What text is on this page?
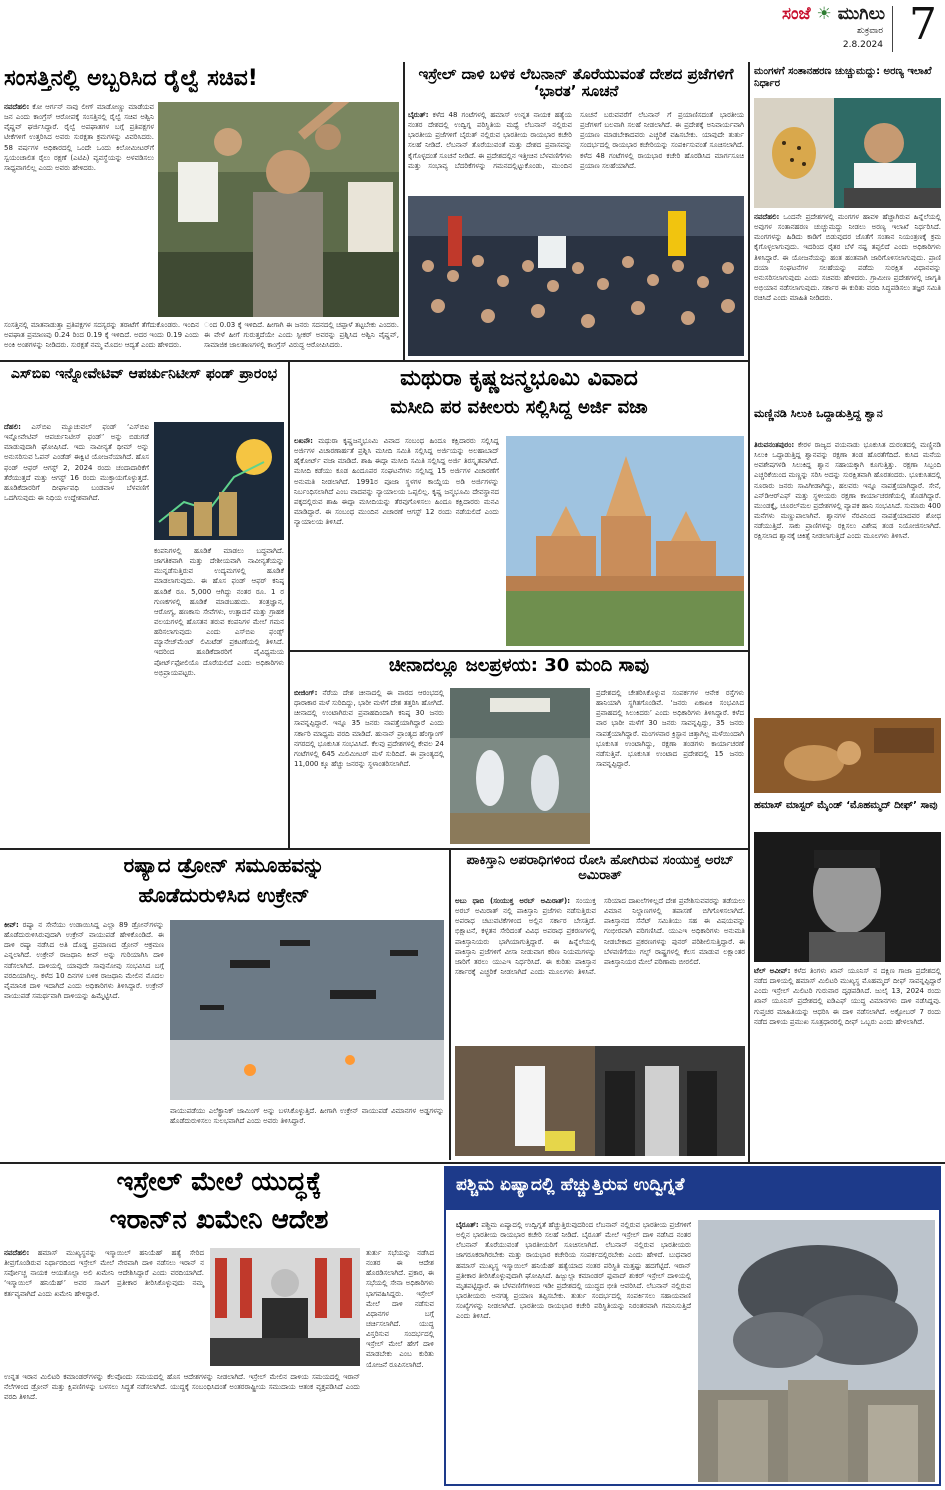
ಸಂಜೆ ☀ ಮುಗಿಲು
ಶುಕ್ರವಾರ
2.8.2024 7
ಸಂಸತ್ತಿನಲ್ಲಿ ಅಬ್ಬರಿಸಿದ ರೈಲ್ವೆ ಸಚಿವ!
ನವದೆಹಲಿ: ಕೋ ಆರ್ಗನ್ ನಾವು ಲೀಗ್ ಮಾಡೋಣ್ಣು ಮಾಡೆಯವ ಜನ ಎಂದು ಕಾಂಗ್ರೆಸ್ ಆರೋಪಕ್ಕೆ ಸಂಸತ್ತಿನಲ್ಲಿ ರೈಲ್ವೆ ಸಚಿವ ಅಶ್ವಿನಿ ವೈಷ್ಣವ್ ಘರ್ಜಿಸಿದ್ದಾರೆ. ರೈಲ್ವೆ ಅಪಘಾತಗಳ ಬಗ್ಗೆ ಪ್ರತಿಪಕ್ಷಗಳ ಟೀಕೆಗಳಿಗೆ ಉತ್ತರಿಸಿದ ಅವರು ಸುರಕ್ಷತಾ ಕ್ರಮಗಳನ್ನು ವಿವರಿಸಿದರು. 58 ವರ್ಷಗಳ ಅಧಿಕಾರದಲ್ಲಿ ಒಂದೇ ಒಂದು ಕಿಲೋಮೀಟರ್‌ಗೆ ಸ್ವಯಂಚಾಲಿತ ರೈಲು ರಕ್ಷಣೆ (ಎಟಿಪಿ) ವ್ಯವಸ್ಥೆಯನ್ನು ಅಳವಡಿಸಲು ಸಾಧ್ಯವಾಗಲಿಲ್ಲ ಎಂದು ಅವರು ಹೇಳಿದರು.
ಸಂಸತ್ತಿನಲ್ಲಿ ಮಾತನಾಡುತ್ತಾ ಪ್ರತಿಪಕ್ಷಗಳ ಸದಸ್ಯರನ್ನು ತರಾಟೆಗೆ ತೆಗೆದುಕೊಂಡರು. ಇಂದಿನ ಅಪಘಾತ ಪ್ರಮಾಣವು 0.24 ರಿಂದ 0.19 ಕ್ಕೆ ಇಳಿದಿದೆ. ಅದರ ಇಂದು 0.19 ಎಂದು ಅಂಕಿ ಅಂಶಗಳನ್ನು ನೀಡಿದರು. ಸುರಕ್ಷತೆ ನಮ್ಮ ಮೊದಲ ಆದ್ಯತೆ ಎಂದು ಹೇಳಿದರು.
ಂದ 0.03 ಕ್ಕೆ ಇಳಿದಿದೆ. ಹೀಗಾಗಿ ಈ ಜನರು ಸದನದಲ್ಲಿ ಚಪ್ಪಾಳೆ ತಟ್ಟಬೇಕು ಎಂದರು. ಈ ವೇಳೆ ಹೀಗೆ ಗುರುತ್ತದೆಯೇ ಎಂದು ಸ್ಪೀಕರ್ ಅವರನ್ನು ಪ್ರಶ್ನಿಸಿದ ಅಶ್ವಿನಿ ವೈಷ್ಣವ್, ಸಾಮಾಜಿಕ ಜಾಲತಾಣಗಳಲ್ಲಿ ಕಾಂಗ್ರೆಸ್ ವಿರುದ್ಧ ಆರೋಪಿಸಿದರು.
ಇಸ್ರೇಲ್ ದಾಳಿ ಬಳಿಕ ಲೆಬನಾನ್ ತೊರೆಯುವಂತೆ ದೇಶದ ಪ್ರಜೆಗಳಿಗೆ ‘ಭಾರತ’ ಸೂಚನೆ
ಬೈರುತ್: ಕಳೆದ 48 ಗಂಟೆಗಳಲ್ಲಿ ಹಮಾಸ್ ಉನ್ನತ ನಾಯಕ ಹತ್ಯೆಯ ನಂತರ ದೇಶದಲ್ಲಿ ಉದ್ವಿಗ್ನ ಪರಿಸ್ಥಿತಿಯ ಮಧ್ಯೆ ಲೆಬನಾನ್ ನಲ್ಲಿರುವ ಭಾರತೀಯ ಪ್ರಜೆಗಳಿಗೆ ಬೈರುತ್ ನಲ್ಲಿರುವ ಭಾರತೀಯ ರಾಯಭಾರ ಕಚೇರಿ ಸಲಹೆ ನೀಡಿದೆ. ಲೆಬನಾನ್ ತೊರೆಯುವಂತೆ ಮತ್ತು ದೇಶದ ಪ್ರವಾಸವನ್ನು ಕೈಗೊಳ್ಳದಂತೆ ಸೂಚನೆ ನೀಡಿದೆ. ಈ ಪ್ರದೇಶದಲ್ಲಿನ ಇತ್ತೀಚಿನ ಬೆಳವಣಿಗೆಗಳು ಮತ್ತು ಸಂಭಾವ್ಯ ಬೆದರಿಕೆಗಳನ್ನು ಗಮನದಲ್ಲಿಟ್ಟುಕೊಂಡು, ಮುಂದಿನ ಸೂಚನೆ ಬರುವವರೆಗೆ ಲೆಬನಾನ್ ಗೆ ಪ್ರಯಾಣಿಸದಂತೆ ಭಾರತೀಯ ಪ್ರಜೆಗಳಿಗೆ ಬಲವಾಗಿ ಸಲಹೆ ನೀಡಲಾಗಿದೆ. ಈ ಪ್ರದೇಶಕ್ಕೆ ಅನಿವಾರ್ಯವಾಗಿ ಪ್ರಯಾಣ ಮಾಡಬೇಕಾದವರು ಎಚ್ಚರಿಕೆ ವಹಿಸಬೇಕು. ಯಾವುದೇ ತುರ್ತು ಸಂದರ್ಭದಲ್ಲಿ ರಾಯಭಾರ ಕಚೇರಿಯನ್ನು ಸಂಪರ್ಕಿಸುವಂತೆ ಸೂಚಿಸಲಾಗಿದೆ. ಕಳೆದ 48 ಗಂಟೆಗಳಲ್ಲಿ ರಾಯಭಾರ ಕಚೇರಿ ಹೊರಡಿಸಿದ ಮಾರ್ಗಸೂಚಿ ಪ್ರಯಾಣ ಸಲಹೆಯಾಗಿದೆ.
ಮಂಗಳಗೆ ಸಂತಾನಹರಣ ಚುಚ್ಚುಮದ್ದು: ಅರಣ್ಯ ಇಲಾಖೆ ನಿರ್ಧಾರ
ನವದೆಹಲಿ: ಒಂದನೇ ಪ್ರದೇಶಗಳಲ್ಲಿ ಮಂಗಗಳ ಹಾವಳಿ ಹೆಚ್ಚಾಗಿರುವ ಹಿನ್ನೆಲೆಯಲ್ಲಿ ಅವುಗಳ ಸಂತಾನಹರಣ ಚುಚ್ಚುಮದ್ದು ನೀಡಲು ಅರಣ್ಯ ಇಲಾಖೆ ನಿರ್ಧರಿಸಿದೆ. ಮಂಗಗಳನ್ನು ಹಿಡಿದು ಕಾಡಿಗೆ ಬಿಡುವುದರ ಜೊತೆಗೆ ಸಂತಾನ ನಿಯಂತ್ರಣಕ್ಕೆ ಕ್ರಮ ಕೈಗೊಳ್ಳಲಾಗುವುದು. ಇದರಿಂದ ರೈತರ ಬೆಳೆ ನಷ್ಟ ತಪ್ಪಲಿದೆ ಎಂದು ಅಧಿಕಾರಿಗಳು ತಿಳಿಸಿದ್ದಾರೆ. ಈ ಯೋಜನೆಯನ್ನು ಹಂತ ಹಂತವಾಗಿ ಜಾರಿಗೊಳಿಸಲಾಗುವುದು. ಪ್ರಾಣಿ ದಯಾ ಸಂಘಟನೆಗಳ ಸಲಹೆಯನ್ನು ಪಡೆದು ಸುರಕ್ಷಿತ ವಿಧಾನವನ್ನು ಅನುಸರಿಸಲಾಗುವುದು ಎಂದು ಸಚಿವರು ಹೇಳಿದರು. ಗ್ರಾಮೀಣ ಪ್ರದೇಶಗಳಲ್ಲಿ ಜಾಗೃತಿ ಅಭಿಯಾನ ನಡೆಸಲಾಗುವುದು. ಸರ್ಕಾರ ಈ ಕುರಿತು ವರದಿ ಸಿದ್ಧಪಡಿಸಲು ತಜ್ಞರ ಸಮಿತಿ ರಚಿಸಿದೆ ಎಂದು ಮಾಹಿತಿ ನೀಡಿದರು.
ಮಣ್ಣಿನಡಿ ಸಿಲುಕಿ ಒದ್ದಾಡುತ್ತಿದ್ದ ಶ್ವಾನ
ತಿರುವನಂತಪುರಂ: ಕೇರಳ ರಾಜ್ಯದ ವಯನಾಡು ಭೂಕುಸಿತ ದುರಂತದಲ್ಲಿ ಮಣ್ಣಿನಡಿ ಸಿಲುಕಿ ಒದ್ದಾಡುತ್ತಿದ್ದ ಶ್ವಾನವನ್ನು ರಕ್ಷಣಾ ತಂಡ ಹೊರತೆಗೆದಿದೆ. ಕುಸಿದ ಮನೆಯ ಅವಶೇಷಗಳಡಿ ಸಿಲುಕಿದ್ದ ಶ್ವಾನ ಸಹಾಯಕ್ಕಾಗಿ ಕೂಗುತ್ತಿತ್ತು. ರಕ್ಷಣಾ ಸಿಬ್ಬಂದಿ ಎಚ್ಚರಿಕೆಯಿಂದ ಮಣ್ಣನ್ನು ಸರಿಸಿ ಅದನ್ನು ಸುರಕ್ಷಿತವಾಗಿ ಹೊರತಂದರು. ಭೂಕುಸಿತದಲ್ಲಿ ನೂರಾರು ಜನರು ಸಾವಿಗೀಡಾಗಿದ್ದು, ಹಲವರು ಇನ್ನೂ ನಾಪತ್ತೆಯಾಗಿದ್ದಾರೆ. ಸೇನೆ, ಎನ್‌ಡಿಆರ್‌ಎಫ್ ಮತ್ತು ಸ್ಥಳೀಯರು ರಕ್ಷಣಾ ಕಾರ್ಯಾಚರಣೆಯಲ್ಲಿ ತೊಡಗಿದ್ದಾರೆ. ಮುಂಡಕ್ಕೈ, ಚೂರಲ್‌ಮಲ ಪ್ರದೇಶಗಳಲ್ಲಿ ವ್ಯಾಪಕ ಹಾನಿ ಸಂಭವಿಸಿದೆ. ಸುಮಾರು 400 ಮನೆಗಳು ಮಣ್ಣುಪಾಲಾಗಿವೆ. ಶ್ವಾನಗಳ ನೆರವಿನಿಂದ ನಾಪತ್ತೆಯಾದವರ ಶೋಧ ನಡೆಯುತ್ತಿದೆ. ಸಾಕು ಪ್ರಾಣಿಗಳನ್ನು ರಕ್ಷಿಸಲು ವಿಶೇಷ ತಂಡ ನಿಯೋಜಿಸಲಾಗಿದೆ. ರಕ್ಷಿಸಲಾದ ಶ್ವಾನಕ್ಕೆ ಚಿಕಿತ್ಸೆ ನೀಡಲಾಗುತ್ತಿದೆ ಎಂದು ಮೂಲಗಳು ತಿಳಿಸಿವೆ.
ಹಮಾಸ್ ಮಾಸ್ಟರ್ ಮೈಂಡ್ ‘ಮೊಹಮ್ಮದ್ ದೀಫ್’ ಸಾವು
ಟೆಲ್ ಅವೀವ್: ಕಳೆದ ತಿಂಗಳು ಖಾನ್ ಯೂನಿಸ್ ನ ದಕ್ಷಿಣ ಗಾಜಾ ಪ್ರದೇಶದಲ್ಲಿ ನಡೆದ ದಾಳಿಯಲ್ಲಿ ಹಮಾಸ್ ಮಿಲಿಟರಿ ಮುಖ್ಯಸ್ಥ ಮೊಹಮ್ಮದ್ ದೀಫ್ ಸಾವನ್ನಪ್ಪಿದ್ದಾರೆ ಎಂದು ಇಸ್ರೇಲ್ ಮಿಲಿಟರಿ ಗುರುವಾರ ದೃಢಪಡಿಸಿದೆ. ಜುಲೈ 13, 2024 ರಂದು ಖಾನ್ ಯೂನಿಸ್ ಪ್ರದೇಶದಲ್ಲಿ ಐಡಿಎಫ್ ಯುದ್ಧ ವಿಮಾನಗಳು ದಾಳಿ ನಡೆಸಿದ್ದವು. ಗುಪ್ತಚರ ಮಾಹಿತಿಯನ್ನು ಆಧರಿಸಿ ಈ ದಾಳಿ ನಡೆಸಲಾಗಿದೆ. ಅಕ್ಟೋಬರ್ 7 ರಂದು ನಡೆದ ದಾಳಿಯ ಪ್ರಮುಖ ಸೂತ್ರಧಾರರಲ್ಲಿ ದೀಫ್ ಒಬ್ಬರು ಎಂದು ಹೇಳಲಾಗಿದೆ.
ಎಸ್‌ಬಿಐ ಇನ್ನೋವೇಟಿವ್ ಆಪರ್ಚುನಿಟೀಸ್ ಫಂಡ್ ಪ್ರಾರಂಭ
ದೆಹಲಿ: ಎಸ್‌ಬಿಐ ಮ್ಯೂಚುವಲ್ ಫಂಡ್ ‘ಎಸ್‌ಬಿಐ ಇನ್ನೋವೇಟಿವ್ ಆಪರ್ಚುನಿಟೀಸ್ ಫಂಡ್’ ಅನ್ನು ಬಿಡುಗಡೆ ಮಾಡುವುದಾಗಿ ಘೋಷಿಸಿದೆ. ಇದು ನಾವೀನ್ಯತೆ ಥೀಮ್ ಅನ್ನು ಅನುಸರಿಸುವ ಓಪನ್ ಎಂಡೆಡ್ ಈಕ್ವಿಟಿ ಯೋಜನೆಯಾಗಿದೆ. ಹೊಸ ಫಂಡ್ ಆಫರ್ ಆಗಸ್ಟ್ 2, 2024 ರಂದು ಚಂದಾದಾರಿಕೆಗೆ ತೆರೆಯುತ್ತದೆ ಮತ್ತು ಆಗಸ್ಟ್ 16 ರಂದು ಮುಕ್ತಾಯಗೊಳ್ಳುತ್ತದೆ. ಹೂಡಿಕೆದಾರರಿಗೆ ದೀರ್ಘಾವಧಿ ಬಂಡವಾಳ ಬೆಳವಣಿಗೆ ಒದಗಿಸುವುದು ಈ ನಿಧಿಯ ಉದ್ದೇಶವಾಗಿದೆ.
ಕಂಪನಿಗಳಲ್ಲಿ ಹೂಡಿಕೆ ಮಾಡಲು ಬದ್ಧವಾಗಿದೆ. ಜಾಗತಿಕವಾಗಿ ಮತ್ತು ದೇಶೀಯವಾಗಿ ನಾವೀನ್ಯತೆಯನ್ನು ಮುನ್ನಡೆಸುತ್ತಿರುವ ಉದ್ಯಮಗಳಲ್ಲಿ ಹೂಡಿಕೆ ಮಾಡಲಾಗುವುದು. ಈ ಹೊಸ ಫಂಡ್ ಆಫರ್ ಕನಿಷ್ಠ ಹೂಡಿಕೆ ರೂ. 5,000 ಆಗಿದ್ದು ನಂತರ ರೂ. 1 ರ ಗುಣಕಗಳಲ್ಲಿ ಹೂಡಿಕೆ ಮಾಡಬಹುದು. ತಂತ್ರಜ್ಞಾನ, ಆರೋಗ್ಯ, ಹಣಕಾಸು ಸೇವೆಗಳು, ಉತ್ಪಾದನೆ ಮತ್ತು ಗ್ರಾಹಕ ವಲಯಗಳಲ್ಲಿ ಹೊಸತನ ತರುವ ಕಂಪನಿಗಳ ಮೇಲೆ ಗಮನ ಹರಿಸಲಾಗುವುದು ಎಂದು ಎಸ್‌ಬಿಐ ಫಂಡ್ಸ್ ಮ್ಯಾನೇಜ್‌ಮೆಂಟ್ ಲಿಮಿಟೆಡ್ ಪ್ರಕಟಣೆಯಲ್ಲಿ ತಿಳಿಸಿದೆ. ಇದರಿಂದ ಹೂಡಿಕೆದಾರರಿಗೆ ವೈವಿಧ್ಯಮಯ ಪೋರ್ಟ್‌ಫೋಲಿಯೊ ದೊರೆಯಲಿದೆ ಎಂದು ಅಧಿಕಾರಿಗಳು ಅಭಿಪ್ರಾಯಪಟ್ಟರು.
ಮಥುರಾ ಕೃಷ್ಣಜನ್ಮಭೂಮಿ ವಿವಾದ
ಮಸೀದಿ ಪರ ವಕೀಲರು ಸಲ್ಲಿಸಿದ್ದ ಅರ್ಜಿ ವಜಾ
ಲಖನೌ: ಮಥುರಾ ಕೃಷ್ಣಜನ್ಮಭೂಮಿ ವಿವಾದ ಸಂಬಂಧ ಹಿಂದೂ ಕಕ್ಷಿದಾರರು ಸಲ್ಲಿಸಿದ್ದ ಅರ್ಜಿಗಳ ವಿಚಾರಣಾರ್ಹತೆ ಪ್ರಶ್ನಿಸಿ ಮಸೀದಿ ಸಮಿತಿ ಸಲ್ಲಿಸಿದ್ದ ಅರ್ಜಿಯನ್ನು ಅಲಹಾಬಾದ್ ಹೈಕೋರ್ಟ್ ವಜಾ ಮಾಡಿದೆ. ಶಾಹಿ ಈದ್ಗಾ ಮಸೀದಿ ಸಮಿತಿ ಸಲ್ಲಿಸಿದ್ದ ಅರ್ಜಿ ತಿರಸ್ಕೃತವಾಗಿದೆ. ಮಸೀದಿ ಕಡೆಯು ಕೂಡ ಹಿಂದೂಪರ ಸಂಘಟನೆಗಳು ಸಲ್ಲಿಸಿದ್ದ 15 ಅರ್ಜಿಗಳ ವಿಚಾರಣೆಗೆ ಅನುಮತಿ ನೀಡಲಾಗಿದೆ. 1991ರ ಪೂಜಾ ಸ್ಥಳಗಳ ಕಾಯ್ದೆಯ ಅಡಿ ಅರ್ಜಿಗಳನ್ನು ನಿರ್ಬಂಧಿಸಲಾಗಿದೆ ಎಂಬ ವಾದವನ್ನು ನ್ಯಾಯಾಲಯ ಒಪ್ಪಲಿಲ್ಲ. ಕೃಷ್ಣ ಜನ್ಮಭೂಮಿ ದೇವಸ್ಥಾನದ ಪಕ್ಕದಲ್ಲಿರುವ ಶಾಹಿ ಈದ್ಗಾ ಮಸೀದಿಯನ್ನು ತೆರವುಗೊಳಿಸಲು ಹಿಂದೂ ಕಕ್ಷಿದಾರರು ಮನವಿ ಮಾಡಿದ್ದಾರೆ. ಈ ಸಂಬಂಧ ಮುಂದಿನ ವಿಚಾರಣೆ ಆಗಸ್ಟ್ 12 ರಂದು ನಡೆಯಲಿದೆ ಎಂದು ನ್ಯಾಯಾಲಯ ತಿಳಿಸಿದೆ.
ಚೀನಾದಲ್ಲೂ ಜಲಪ್ರಳಯ: 30 ಮಂದಿ ಸಾವು
ಬೀಜಿಂಗ್: ನೆರೆಯ ದೇಶ ಚೀನಾದಲ್ಲಿ ಈ ವಾರದ ಆರಂಭದಲ್ಲಿ ಧಾರಾಕಾರ ಮಳೆ ಸುರಿದಿದ್ದು, ಭಾರೀ ಮಳೆಗೆ ದೇಶ ತತ್ತರಿಸಿ ಹೋಗಿದೆ. ಚೀನಾದಲ್ಲಿ ಉಂಟಾಗಿರುವ ಪ್ರವಾಹದಿಂದಾಗಿ ಕನಿಷ್ಠ 30 ಜನರು ಸಾವನ್ನಪ್ಪಿದ್ದಾರೆ. ಇನ್ನೂ 35 ಜನರು ನಾಪತ್ತೆಯಾಗಿದ್ದಾರೆ ಎಂದು ಸರ್ಕಾರಿ ಮಾಧ್ಯಮ ವರದಿ ಮಾಡಿದೆ. ಹುನಾನ್ ಪ್ರಾಂತ್ಯದ ಹೆಂಗ್ಯಾಂಗ್ ನಗರದಲ್ಲಿ ಭೂಕುಸಿತ ಸಂಭವಿಸಿದೆ. ಕೆಲವು ಪ್ರದೇಶಗಳಲ್ಲಿ ಕೇವಲ 24 ಗಂಟೆಗಳಲ್ಲಿ 645 ಮಿಲಿಮೀಟರ್ ಮಳೆ ಸುರಿದಿದೆ. ಈ ಪ್ರಾಂತ್ಯದಲ್ಲಿ 11,000 ಕ್ಕೂ ಹೆಚ್ಚು ಜನರನ್ನು ಸ್ಥಳಾಂತರಿಸಲಾಗಿದೆ.
ಪ್ರದೇಶದಲ್ಲಿ ಚೇತರಿಸಿಕೊಳ್ಳುವ ಸಂಪರ್ಕಗಳ ಆನೇಕ ರಸ್ತೆಗಳು ಹಾನಿಯಾಗಿ ಸ್ಥಗಿತಗೊಂಡಿವೆ. ‘ಜನರು ಏಕಾಏಕಿ ಸಂಭವಿಸಿದ ಪ್ರವಾಹದಲ್ಲಿ ಸಿಲುಕಿದರು’ ಎಂದು ಅಧಿಕಾರಿಗಳು ತಿಳಿಸಿದ್ದಾರೆ. ಕಳೆದ ವಾರ ಭಾರೀ ಮಳೆಗೆ 30 ಜನರು ಸಾವನ್ನಪ್ಪಿದ್ದು, 35 ಜನರು ನಾಪತ್ತೆಯಾಗಿದ್ದಾರೆ. ಮಂಗಳವಾರ ಕ್ರಿಸ್ಟಾನ ಚಿತ್ತಾಗಿಲ್ಲ ಮಳೆಯಿಂದಾಗಿ ಭೂಕುಸಿತ ಉಂಟಾಗಿದ್ದು, ರಕ್ಷಣಾ ತಂಡಗಳು ಕಾರ್ಯಾಚರಣೆ ನಡೆಸುತ್ತಿವೆ. ಭೂಕುಸಿತ ಉಂಟಾದ ಪ್ರದೇಶದಲ್ಲಿ 15 ಜನರು ಸಾವನ್ನಪ್ಪಿದ್ದಾರೆ.
ರಷ್ಯಾದ ಡ್ರೋನ್ ಸಮೂಹವನ್ನು
ಹೊಡೆದುರುಳಿಸಿದ ಉಕ್ರೇನ್
ಕೀವ್: ರಷ್ಯಾ ನ ಸೇನೆಯು ಉಡಾಯಿಸಿದ್ದ ಎಲ್ಲಾ 89 ಡ್ರೋನ್‌ಗಳನ್ನು ಹೊಡೆದುರುಳಿಸಿರುವುದಾಗಿ ಉಕ್ರೇನ್ ವಾಯುಪಡೆ ಹೇಳಿಕೊಂಡಿದೆ. ಈ ದಾಳಿ ರಷ್ಯಾ ನಡೆಸಿದ ಅತಿ ದೊಡ್ಡ ಪ್ರಮಾಣದ ಡ್ರೋನ್ ಆಕ್ರಮಣ ಎನ್ನಲಾಗಿದೆ. ಉಕ್ರೇನ್ ರಾಜಧಾನಿ ಕೀವ್ ಅನ್ನು ಗುರಿಯಾಗಿಸಿ ದಾಳಿ ನಡೆಸಲಾಗಿದೆ. ದಾಳಿಯಲ್ಲಿ ಯಾವುದೇ ಸಾವುನೋವು ಸಂಭವಿಸಿದ ಬಗ್ಗೆ ವರದಿಯಾಗಿಲ್ಲ. ಕಳೆದ 10 ದಿನಗಳ ಬಳಿಕ ರಾಜಧಾನಿ ಮೇಲಿನ ಮೊದಲ ವೈಮಾನಿಕ ದಾಳಿ ಇದಾಗಿದೆ ಎಂದು ಅಧಿಕಾರಿಗಳು ತಿಳಿಸಿದ್ದಾರೆ. ಉಕ್ರೇನ್ ವಾಯುಪಡೆ ಸಮರ್ಥವಾಗಿ ದಾಳಿಯನ್ನು ಹಿಮ್ಮೆಟ್ಟಿಸಿದೆ.
ವಾಯುಪಡೆಯು ಎಲೆಕ್ಟ್ರಾನಿಕ್ ಜಾಮಿಂಗ್ ಅನ್ನು ಬಳಸಿಕೊಳ್ಳುತ್ತಿದೆ. ಹೀಗಾಗಿ ಉಕ್ರೇನ್ ವಾಯುಪಡೆ ವಿಮಾನಗಳ ಅಡ್ಡಗಳನ್ನು ಹೊಡೆದುರುಳಿಸಲು ಸುಲಭವಾಗಿದೆ ಎಂದು ಅವರು ತಿಳಿಸಿದ್ದಾರೆ.
ಪಾಕಿಸ್ತಾನಿ ಅಪರಾಧಿಗಳಿಂದ ರೋಸಿ ಹೋಗಿರುವ ಸಂಯುಕ್ತ ಅರಬ್ ಅಮಿರಾತ್
ಅಬು ಧಾಬಿ (ಸಂಯುಕ್ತ ಅರಬ್ ಅಮಿರಾತ್): ಸಂಯುಕ್ತ ಅರಬ್ ಅಮಿರಾತ್ ನಲ್ಲಿ ಪಾಕಿಸ್ತಾನಿ ಪ್ರಜೆಗಳು ನಡೆಸುತ್ತಿರುವ ಅಪರಾಧ ಚಟುವಟಿಕೆಗಳಿಂದ ಅಲ್ಲಿನ ಸರ್ಕಾರ ಬೇಸತ್ತಿದೆ. ಭಿಕ್ಷಾಟನೆ, ಕಳ್ಳತನ ಸೇರಿದಂತೆ ವಿವಿಧ ಅಪರಾಧ ಪ್ರಕರಣಗಳಲ್ಲಿ ಪಾಕಿಸ್ತಾನಿಯರು ಭಾಗಿಯಾಗುತ್ತಿದ್ದಾರೆ. ಈ ಹಿನ್ನೆಲೆಯಲ್ಲಿ ಪಾಕಿಸ್ತಾನಿ ಪ್ರಜೆಗಳಿಗೆ ವೀಸಾ ನೀಡುವಾಗ ಕಠಿಣ ನಿಯಮಗಳನ್ನು ಜಾರಿಗೆ ತರಲು ಯುಎಇ ನಿರ್ಧರಿಸಿದೆ. ಈ ಕುರಿತು ಪಾಕಿಸ್ತಾನ ಸರ್ಕಾರಕ್ಕೆ ಎಚ್ಚರಿಕೆ ನೀಡಲಾಗಿದೆ ಎಂದು ಮೂಲಗಳು ತಿಳಿಸಿವೆ. ಸರಿಯಾದ ದಾಖಲೆಗಳಿಲ್ಲದೆ ದೇಶ ಪ್ರವೇಶಿಸುವವರನ್ನು ತಡೆಯಲು ವಿಮಾನ ನಿಲ್ದಾಣಗಳಲ್ಲಿ ತಪಾಸಣೆ ಬಿಗಿಗೊಳಿಸಲಾಗಿದೆ. ಪಾಕಿಸ್ತಾನದ ಸೆನೆಟ್ ಸಮಿತಿಯು ಸಹ ಈ ವಿಷಯವನ್ನು ಗಂಭೀರವಾಗಿ ಪರಿಗಣಿಸಿದೆ. ಯುಎಇ ಅಧಿಕಾರಿಗಳು ಅನುಮತಿ ನೀಡಬೇಕಾದ ಪ್ರಕರಣಗಳನ್ನು ಪುನರ್ ಪರಿಶೀಲಿಸುತ್ತಿದ್ದಾರೆ. ಈ ಬೆಳವಣಿಗೆಯು ಗಲ್ಫ್ ರಾಷ್ಟ್ರಗಳಲ್ಲಿ ಕೆಲಸ ಮಾಡುವ ಲಕ್ಷಾಂತರ ಪಾಕಿಸ್ತಾನಿಯರ ಮೇಲೆ ಪರಿಣಾಮ ಬೀರಲಿದೆ.
ಇಸ್ರೇಲ್ ಮೇಲೆ ಯುದ್ಧಕ್ಕೆ
ಇರಾನ್‌ನ ಖಮೇನಿ ಆದೇಶ
ನವದೆಹಲಿ: ಹಮಾಸ್ ಮುಖ್ಯಸ್ಥನನ್ನು ಇಸ್ಮಾಯಿಲ್ ಹನಿಯೆಹ್ ಹತ್ಯೆ ಸೇರಿದ ತೀವ್ರಗೊಂಡಿರುವ ನಿರ್ಧಾರದಿಂದ ಇಸ್ರೇಲ್ ಮೇಲೆ ನೇರವಾಗಿ ದಾಳಿ ನಡೆಸಲು ಇರಾನ್ ನ ಸರ್ವೋಚ್ಚ ನಾಯಕ ಆಯತೊಲ್ಲಾ ಅಲಿ ಖಮೇನಿ ಆದೇಶಿಸಿದ್ದಾರೆ ಎಂದು ವರದಿಯಾಗಿದೆ. ‘ಇಸ್ಮಾಯಿಲ್ ಹನಿಯೆಹ್’ ಅವರ ಸಾವಿಗೆ ಪ್ರತೀಕಾರ ತೀರಿಸಿಕೊಳ್ಳುವುದು ನಮ್ಮ ಕರ್ತವ್ಯವಾಗಿದೆ ಎಂದು ಖಮೇನಿ ಹೇಳಿದ್ದಾರೆ.
ತುರ್ತು ಸಭೆಯನ್ನು ನಡೆಸಿದ ನಂತರ ಈ ಆದೇಶ ಹೊರಡಿಸಲಾಗಿದೆ. ಪ್ರಕಾರ, ಈ ಸಭೆಯಲ್ಲಿ ಸೇನಾ ಅಧಿಕಾರಿಗಳು ಭಾಗವಹಿಸಿದ್ದರು. ಇಸ್ರೇಲ್ ಮೇಲೆ ದಾಳಿ ನಡೆಸುವ ವಿಧಾನಗಳ ಬಗ್ಗೆ ಚರ್ಚಿಸಲಾಗಿದೆ. ಯುದ್ಧ ವಿಸ್ತರಿಸುವ ಸಂದರ್ಭದಲ್ಲಿ ಇಸ್ರೇಲ್ ಮೇಲೆ ಹೇಗೆ ದಾಳಿ ಮಾಡಬೇಕು ಎಂಬ ಕುರಿತು ಯೋಜನೆ ರೂಪಿಸಲಾಗಿದೆ.
ಉನ್ನತ ಇರಾನ ಮಿಲಿಟರಿ ಕಮಾಂಡರ್‌ಗಳನ್ನು ಕೆಲವೊಂದು ಸಮಯದಲ್ಲಿ ಹೊಸ ಆದೇಶಗಳನ್ನು ನೀಡಲಾಗಿದೆ. ಇಸ್ರೇಲ್ ಮೇಲಿನ ದಾಳಿಯ ಸಮಯದಲ್ಲಿ ಇರಾನ್ ನೆಲೆಗಳಿಂದ ಡ್ರೋನ್ ಮತ್ತು ಕ್ಷಿಪಣಿಗಳನ್ನು ಬಳಸಲು ಸಿದ್ಧತೆ ನಡೆಸಲಾಗಿದೆ. ಯುದ್ಧಕ್ಕೆ ಸಂಬಂಧಿಸಿದಂತೆ ಅಂತರರಾಷ್ಟ್ರೀಯ ಸಮುದಾಯ ಆತಂಕ ವ್ಯಕ್ತಪಡಿಸಿದೆ ಎಂದು ವರದಿ ತಿಳಿಸಿದೆ.
ಪಶ್ಚಿಮ ಏಷ್ಯಾದಲ್ಲಿ ಹೆಚ್ಚುತ್ತಿರುವ ಉದ್ವಿಗ್ನತೆ
ಬೈರೂತ್: ಪಶ್ಚಿಮ ಏಷ್ಯಾದಲ್ಲಿ ಉದ್ವಿಗ್ನತೆ ಹೆಚ್ಚುತ್ತಿರುವುದರಿಂದ ಲೆಬನಾನ್ ನಲ್ಲಿರುವ ಭಾರತೀಯ ಪ್ರಜೆಗಳಿಗೆ ಅಲ್ಲಿನ ಭಾರತೀಯ ರಾಯಭಾರ ಕಚೇರಿ ಸಲಹೆ ನೀಡಿದೆ. ಬೈರೂತ್ ಮೇಲೆ ಇಸ್ರೇಲ್ ದಾಳಿ ನಡೆಸಿದ ನಂತರ ಲೆಬನಾನ್ ತೊರೆಯುವಂತೆ ಭಾರತೀಯರಿಗೆ ಸೂಚಿಸಲಾಗಿದೆ. ಲೆಬನಾನ್ ನಲ್ಲಿರುವ ಭಾರತೀಯರು ಜಾಗರೂಕರಾಗಿರಬೇಕು ಮತ್ತು ರಾಯಭಾರ ಕಚೇರಿಯ ಸಂಪರ್ಕದಲ್ಲಿರಬೇಕು ಎಂದು ಹೇಳಿದೆ. ಬುಧವಾರ ಹಮಾಸ್ ಮುಖ್ಯಸ್ಥ ಇಸ್ಮಾಯಿಲ್ ಹನಿಯೆಹ್ ಹತ್ಯೆಯಾದ ನಂತರ ಪರಿಸ್ಥಿತಿ ಮತ್ತಷ್ಟು ಹದಗೆಟ್ಟಿದೆ. ಇರಾನ್ ಪ್ರತೀಕಾರ ತೀರಿಸಿಕೊಳ್ಳುವುದಾಗಿ ಘೋಷಿಸಿದೆ. ಹಿಜ್ಬುಲ್ಲಾ ಕಮಾಂಡರ್ ಫುವಾದ್ ಶುಕರ್ ಇಸ್ರೇಲ್ ದಾಳಿಯಲ್ಲಿ ಮೃತಪಟ್ಟಿದ್ದಾರೆ. ಈ ಬೆಳವಣಿಗೆಗಳಿಂದ ಇಡೀ ಪ್ರದೇಶದಲ್ಲಿ ಯುದ್ಧದ ಭೀತಿ ಆವರಿಸಿದೆ. ಲೆಬನಾನ್ ನಲ್ಲಿರುವ ಭಾರತೀಯರು ಅನಗತ್ಯ ಪ್ರಯಾಣ ತಪ್ಪಿಸಬೇಕು. ತುರ್ತು ಸಂದರ್ಭದಲ್ಲಿ ಸಂಪರ್ಕಿಸಲು ಸಹಾಯವಾಣಿ ಸಂಖ್ಯೆಗಳನ್ನು ನೀಡಲಾಗಿದೆ. ಭಾರತೀಯ ರಾಯಭಾರ ಕಚೇರಿ ಪರಿಸ್ಥಿತಿಯನ್ನು ನಿರಂತರವಾಗಿ ಗಮನಿಸುತ್ತಿದೆ ಎಂದು ತಿಳಿಸಿದೆ.
